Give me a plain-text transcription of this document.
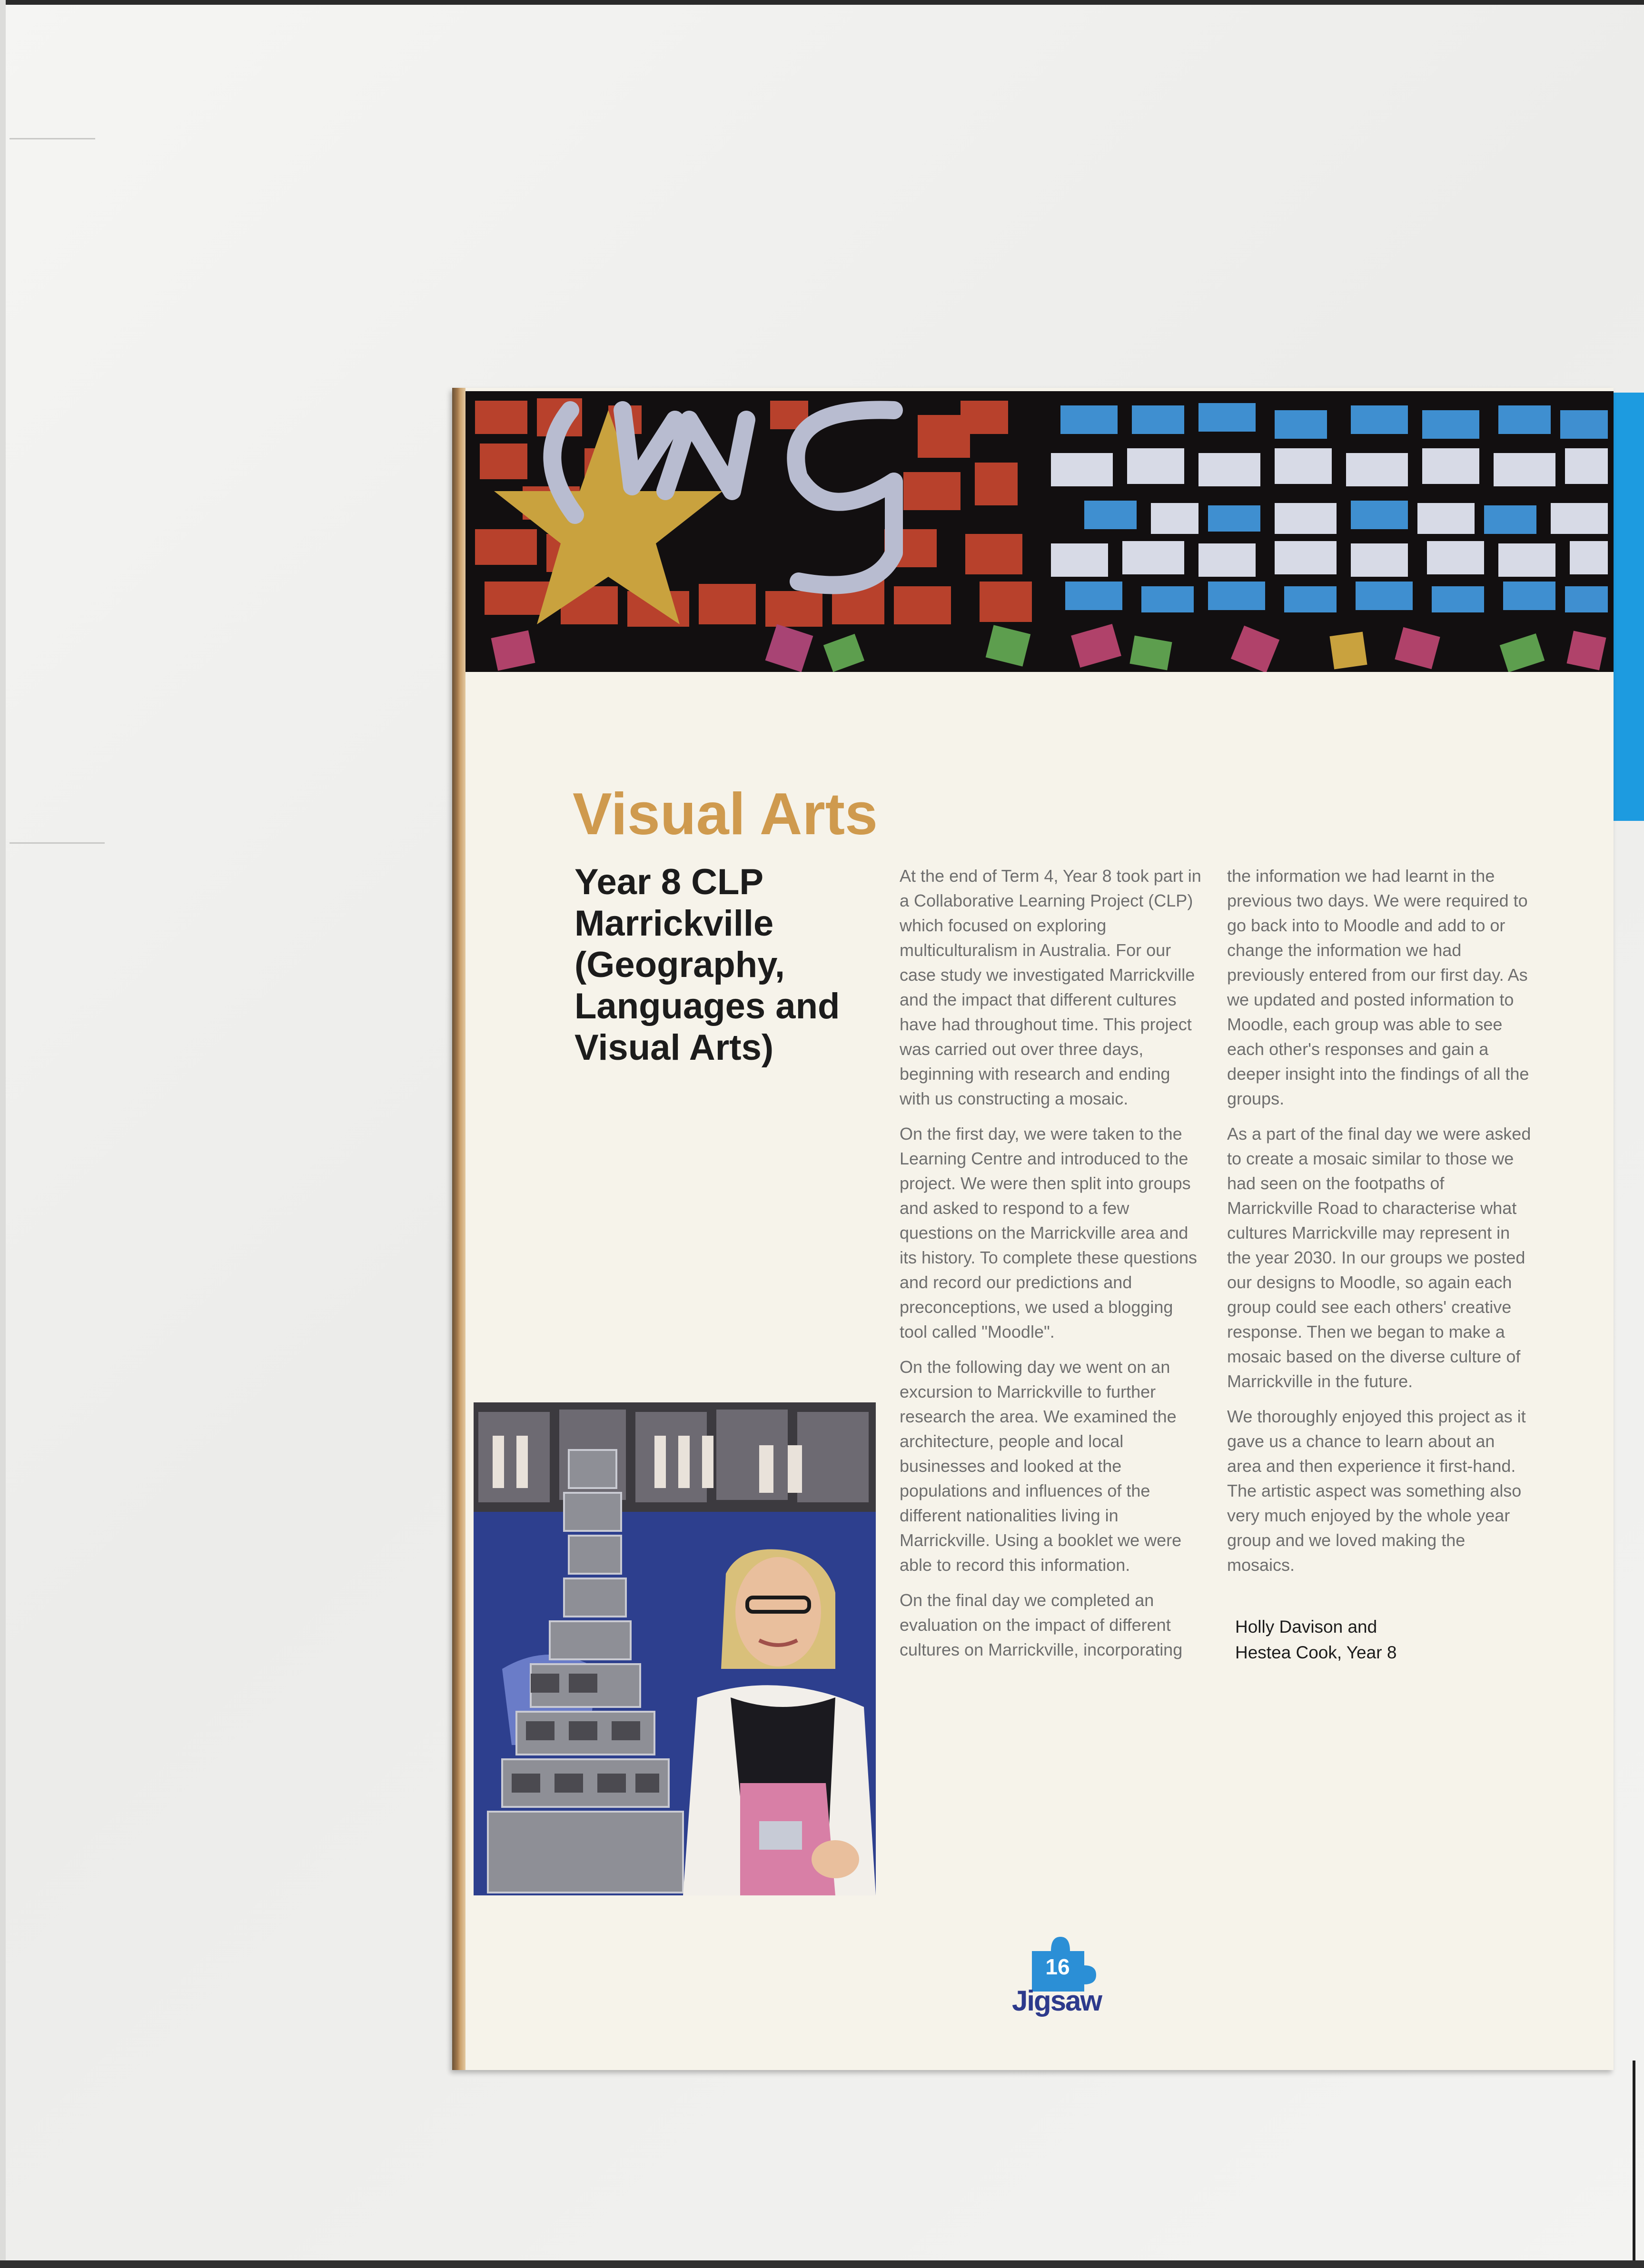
Visual Arts
Year 8 CLP
Marrickville
(Geography,
Languages and
Visual Arts)

At the end of Term 4, Year 8 took part in a Collaborative Learning Project (CLP) which focused on exploring multiculturalism in Australia. For our case study we investigated Marrickville and the impact that different cultures have had throughout time. This project was carried out over three days, beginning with research and ending with us constructing a mosaic.

On the first day, we were taken to the Learning Centre and introduced to the project. We were then split into groups and asked to respond to a few questions on the Marrickville area and its history. To complete these questions and record our predictions and preconceptions, we used a blogging tool called "Moodle".

On the following day we went on an excursion to Marrickville to further research the area. We examined the architecture, people and local businesses and looked at the populations and influences of the different nationalities living in Marrickville. Using a booklet we were able to record this information.

On the final day we completed an evaluation on the impact of different cultures on Marrickville, incorporating

the information we had learnt in the previous two days. We were required to go back into to Moodle and add to or change the information we had previously entered from our first day. As we updated and posted information to Moodle, each group was able to see each other's responses and gain a deeper insight into the findings of all the groups.

As a part of the final day we were asked to create a mosaic similar to those we had seen on the footpaths of Marrickville Road to characterise what cultures Marrickville may represent in the year 2030. In our groups we posted our designs to Moodle, so again each group could see each others' creative response. Then we began to make a mosaic based on the diverse culture of Marrickville in the future.

We thoroughly enjoyed this project as it gave us a chance to learn about an area and then experience it first-hand. The artistic aspect was something also very much enjoyed by the whole year group and we loved making the mosaics.

Holly Davison and
Hestea Cook, Year 8

16
Jigsaw
